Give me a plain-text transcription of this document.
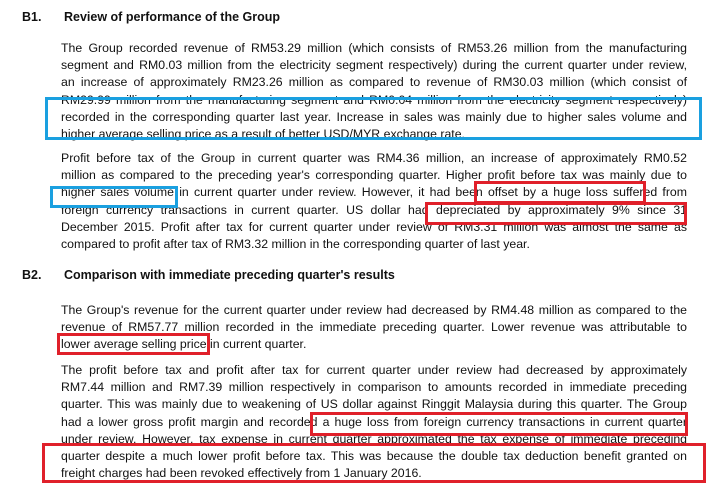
B1. Review of performance of the Group
The Group recorded revenue of RM53.29 million (which consists of RM53.26 million from the manufacturing
segment and RM0.03 million from the electricity segment respectively) during the current quarter under review,
an increase of approximately RM23.26 million as compared to revenue of RM30.03 million (which consist of
RM29.99 million from the manufacturing segment and RM0.04 million from the electricity segment respectively)
recorded in the corresponding quarter last year. Increase in sales was mainly due to higher sales volume and
higher average selling price as a result of better USD/MYR exchange rate.
Profit before tax of the Group in current quarter was RM4.36 million, an increase of approximately RM0.52
million as compared to the preceding year's corresponding quarter. Higher profit before tax was mainly due to
higher sales volume in current quarter under review. However, it had been offset by a huge loss suffered from
foreign currency transactions in current quarter. US dollar had depreciated by approximately 9% since 31
December 2015. Profit after tax for current quarter under review of RM3.31 million was almost the same as
compared to profit after tax of RM3.32 million in the corresponding quarter of last year.
B2. Comparison with immediate preceding quarter's results
The Group's revenue for the current quarter under review had decreased by RM4.48 million as compared to the
revenue of RM57.77 million recorded in the immediate preceding quarter. Lower revenue was attributable to
lower average selling price in current quarter.
The profit before tax and profit after tax for current quarter under review had decreased by approximately
RM7.44 million and RM7.39 million respectively in comparison to amounts recorded in immediate preceding
quarter. This was mainly due to weakening of US dollar against Ringgit Malaysia during this quarter. The Group
had a lower gross profit margin and recorded a huge loss from foreign currency transactions in current quarter
under review. However, tax expense in current quarter approximated the tax expense of immediate preceding
quarter despite a much lower profit before tax. This was because the double tax deduction benefit granted on
freight charges had been revoked effectively from 1 January 2016.
